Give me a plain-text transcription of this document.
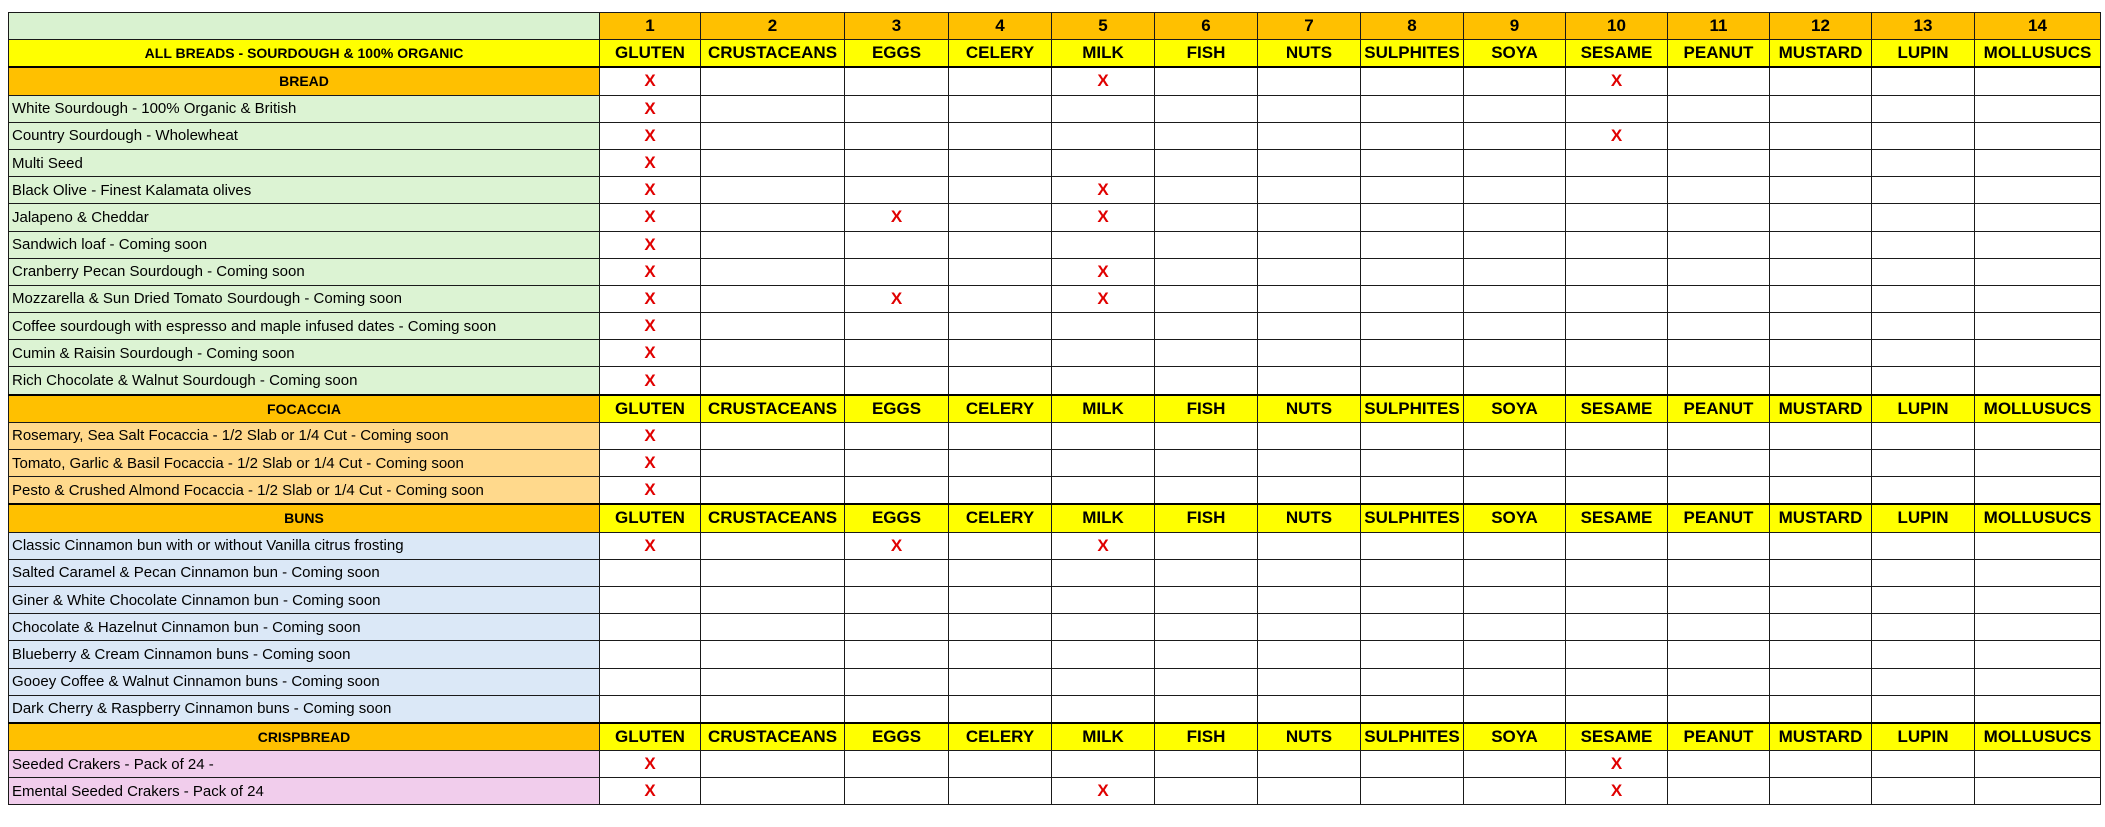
	1	2	3	4	5	6	7	8	9	10	11	12	13	14
ALL BREADS - SOURDOUGH & 100% ORGANIC	GLUTEN	CRUSTACEANS	EGGS	CELERY	MILK	FISH	NUTS	SULPHITES	SOYA	SESAME	PEANUT	MUSTARD	LUPIN	MOLLUSUCS
BREAD	X				X					X				
White Sourdough - 100% Organic & British	X													
Country Sourdough - Wholewheat	X									X				
Multi Seed	X													
Black Olive - Finest Kalamata olives	X				X									
Jalapeno & Cheddar	X		X		X									
Sandwich loaf - Coming soon	X													
Cranberry Pecan Sourdough - Coming soon	X				X									
Mozzarella & Sun Dried Tomato Sourdough - Coming soon	X		X		X									
Coffee sourdough with espresso and maple infused dates - Coming soon	X													
Cumin & Raisin Sourdough - Coming soon	X													
Rich Chocolate & Walnut Sourdough - Coming soon	X													
FOCACCIA	GLUTEN	CRUSTACEANS	EGGS	CELERY	MILK	FISH	NUTS	SULPHITES	SOYA	SESAME	PEANUT	MUSTARD	LUPIN	MOLLUSUCS
Rosemary, Sea Salt Focaccia - 1/2 Slab or 1/4 Cut - Coming soon	X													
Tomato, Garlic & Basil Focaccia - 1/2 Slab or 1/4 Cut - Coming soon	X													
Pesto & Crushed Almond Focaccia - 1/2 Slab or 1/4 Cut - Coming soon	X													
BUNS	GLUTEN	CRUSTACEANS	EGGS	CELERY	MILK	FISH	NUTS	SULPHITES	SOYA	SESAME	PEANUT	MUSTARD	LUPIN	MOLLUSUCS
Classic Cinnamon bun with or without Vanilla citrus frosting	X		X		X									
Salted Caramel & Pecan Cinnamon bun - Coming soon														
Giner & White Chocolate Cinnamon bun - Coming soon														
Chocolate & Hazelnut Cinnamon bun - Coming soon														
Blueberry & Cream Cinnamon buns - Coming soon														
Gooey Coffee & Walnut Cinnamon buns - Coming soon														
Dark Cherry & Raspberry Cinnamon buns - Coming soon														
CRISPBREAD	GLUTEN	CRUSTACEANS	EGGS	CELERY	MILK	FISH	NUTS	SULPHITES	SOYA	SESAME	PEANUT	MUSTARD	LUPIN	MOLLUSUCS
Seeded Crakers - Pack of 24 -	X									X				
Emental Seeded Crakers - Pack of 24	X				X					X				
